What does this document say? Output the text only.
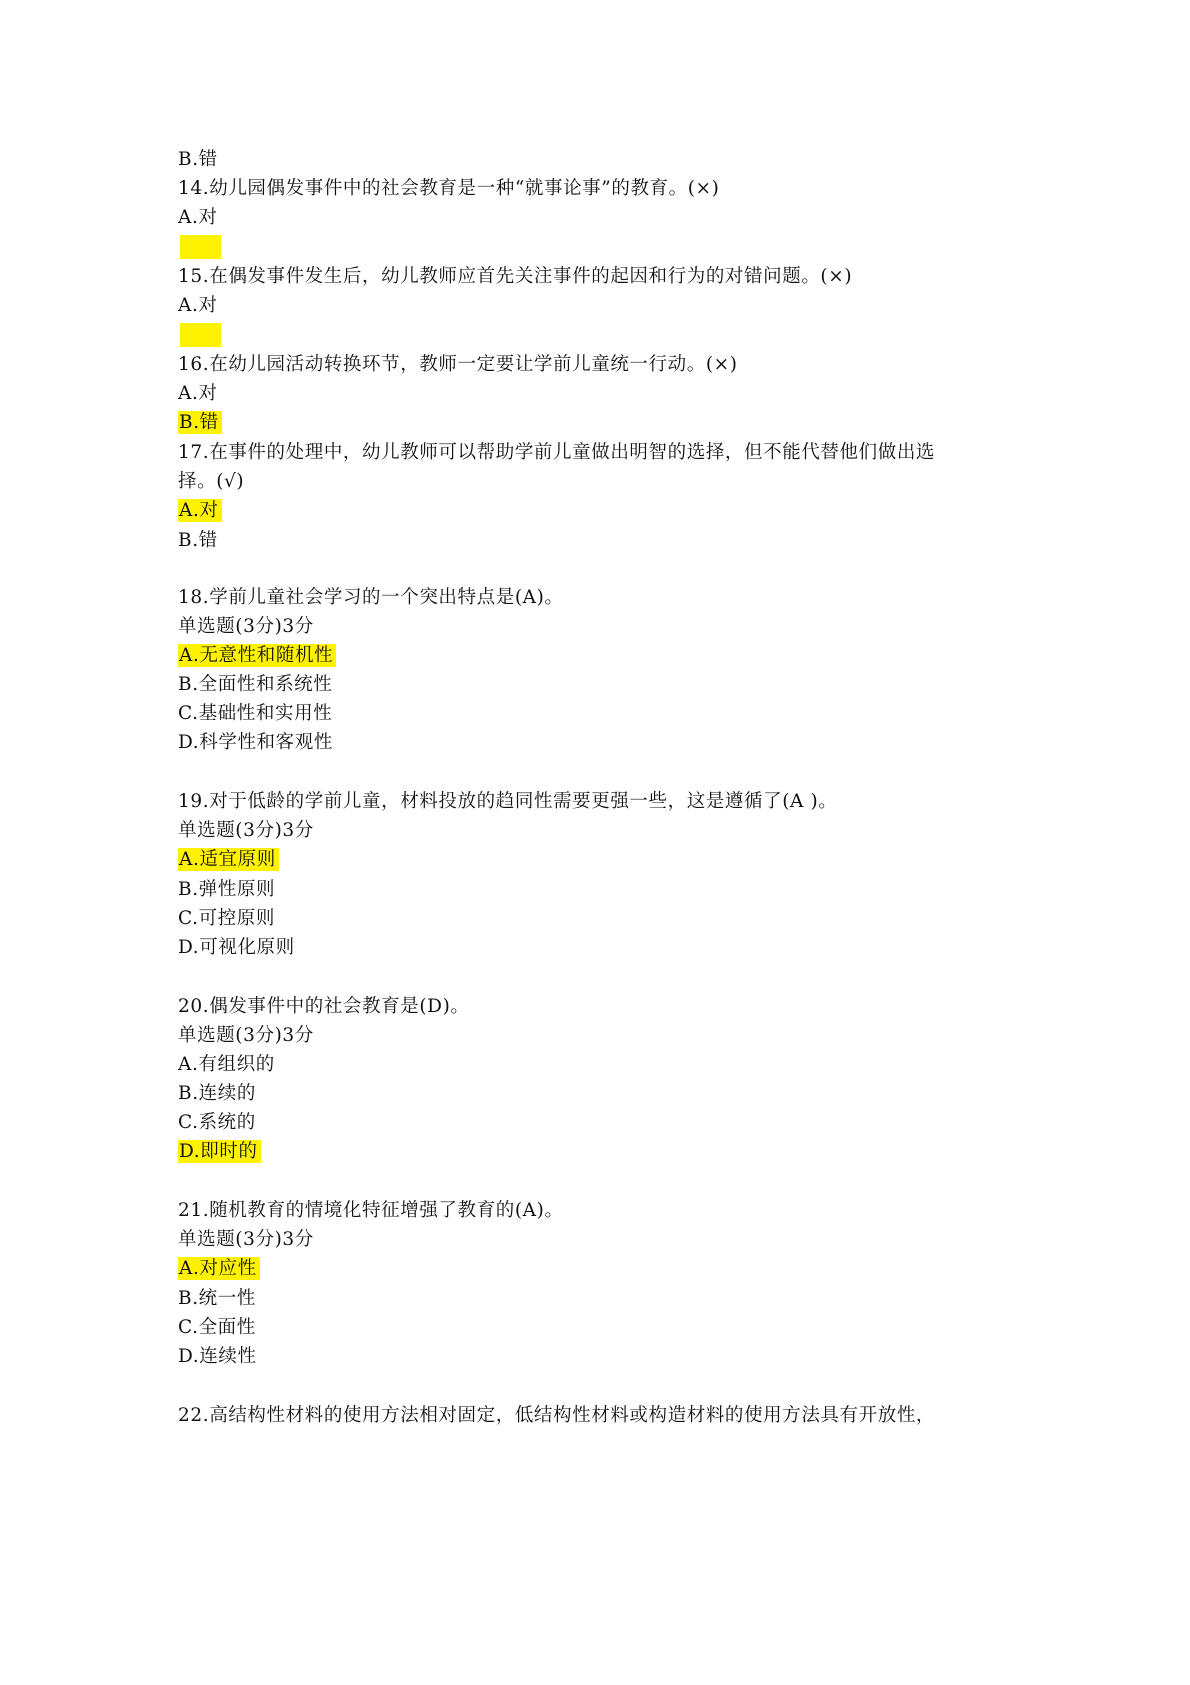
B.错
14.幼儿园偶发事件中的社会教育是一种“就事论事”的教育。(×)
A.对
15.在偶发事件发生后，幼儿教师应首先关注事件的起因和行为的对错问题。(×)
A.对
16.在幼儿园活动转换环节，教师一定要让学前儿童统一行动。(×)
A.对
B.错
17.在事件的处理中，幼儿教师可以帮助学前儿童做出明智的选择，但不能代替他们做出选
择。(√)
A.对
B.错
18.学前儿童社会学习的一个突出特点是(A)。
单选题(3分)3分
A.无意性和随机性
B.全面性和系统性
C.基础性和实用性
D.科学性和客观性
19.对于低龄的学前儿童，材料投放的趋同性需要更强一些，这是遵循了(A )。
单选题(3分)3分
A.适宜原则
B.弹性原则
C.可控原则
D.可视化原则
20.偶发事件中的社会教育是(D)。
单选题(3分)3分
A.有组织的
B.连续的
C.系统的
D.即时的
21.随机教育的情境化特征增强了教育的(A)。
单选题(3分)3分
A.对应性
B.统一性
C.全面性
D.连续性
22.高结构性材料的使用方法相对固定，低结构性材料或构造材料的使用方法具有开放性，
